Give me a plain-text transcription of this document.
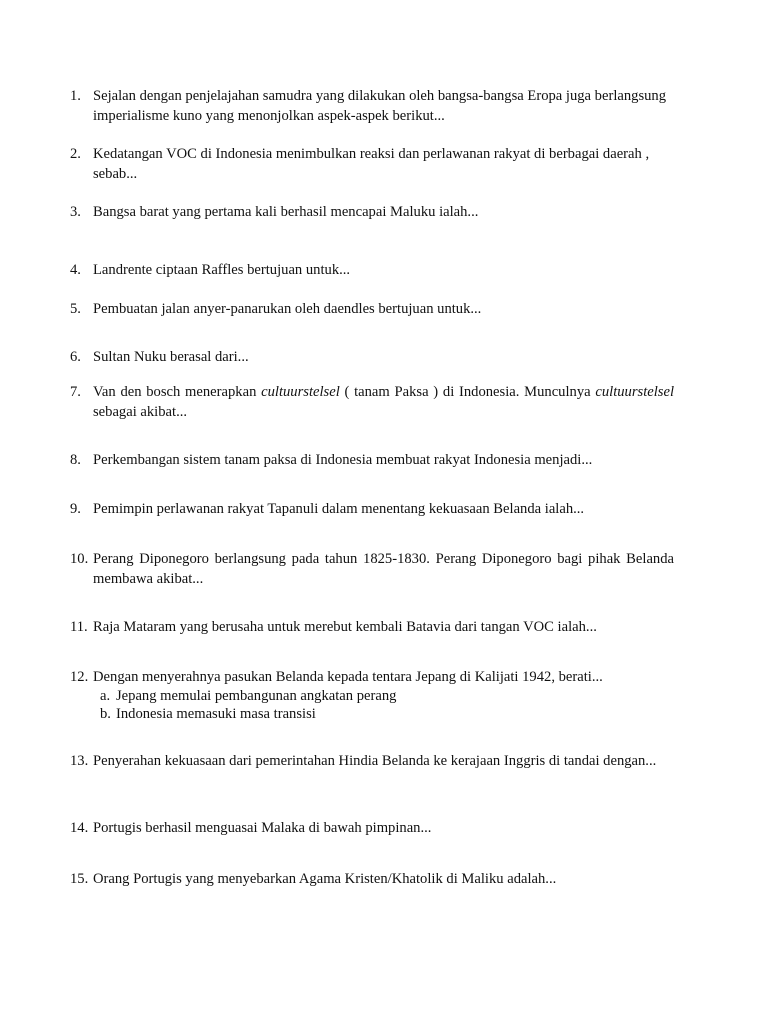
1. Sejalan dengan penjelajahan samudra yang dilakukan oleh bangsa-bangsa Eropa juga berlangsung imperialisme kuno yang menonjolkan aspek-aspek berikut...
2. Kedatangan VOC di Indonesia menimbulkan reaksi dan perlawanan rakyat di berbagai daerah , sebab...
3. Bangsa barat yang pertama kali berhasil mencapai Maluku ialah...
4. Landrente ciptaan Raffles bertujuan untuk...
5. Pembuatan jalan anyer-panarukan oleh daendles bertujuan untuk...
6. Sultan Nuku berasal dari...
7. Van den bosch menerapkan cultuurstelsel ( tanam Paksa ) di Indonesia. Munculnya cultuurstelsel sebagai akibat...
8. Perkembangan sistem tanam paksa di Indonesia membuat rakyat Indonesia menjadi...
9. Pemimpin perlawanan rakyat Tapanuli dalam menentang kekuasaan Belanda ialah...
10. Perang Diponegoro berlangsung pada tahun 1825-1830. Perang Diponegoro bagi pihak Belanda membawa akibat...
11. Raja Mataram yang berusaha untuk merebut kembali Batavia dari tangan VOC ialah...
12. Dengan menyerahnya pasukan Belanda kepada tentara Jepang di Kalijati 1942, berati...
a. Jepang memulai pembangunan angkatan perang
b. Indonesia memasuki masa transisi
13. Penyerahan kekuasaan dari pemerintahan Hindia Belanda ke kerajaan Inggris di tandai dengan...
14. Portugis berhasil menguasai Malaka di bawah pimpinan...
15. Orang Portugis yang menyebarkan Agama Kristen/Khatolik di Maliku adalah...
